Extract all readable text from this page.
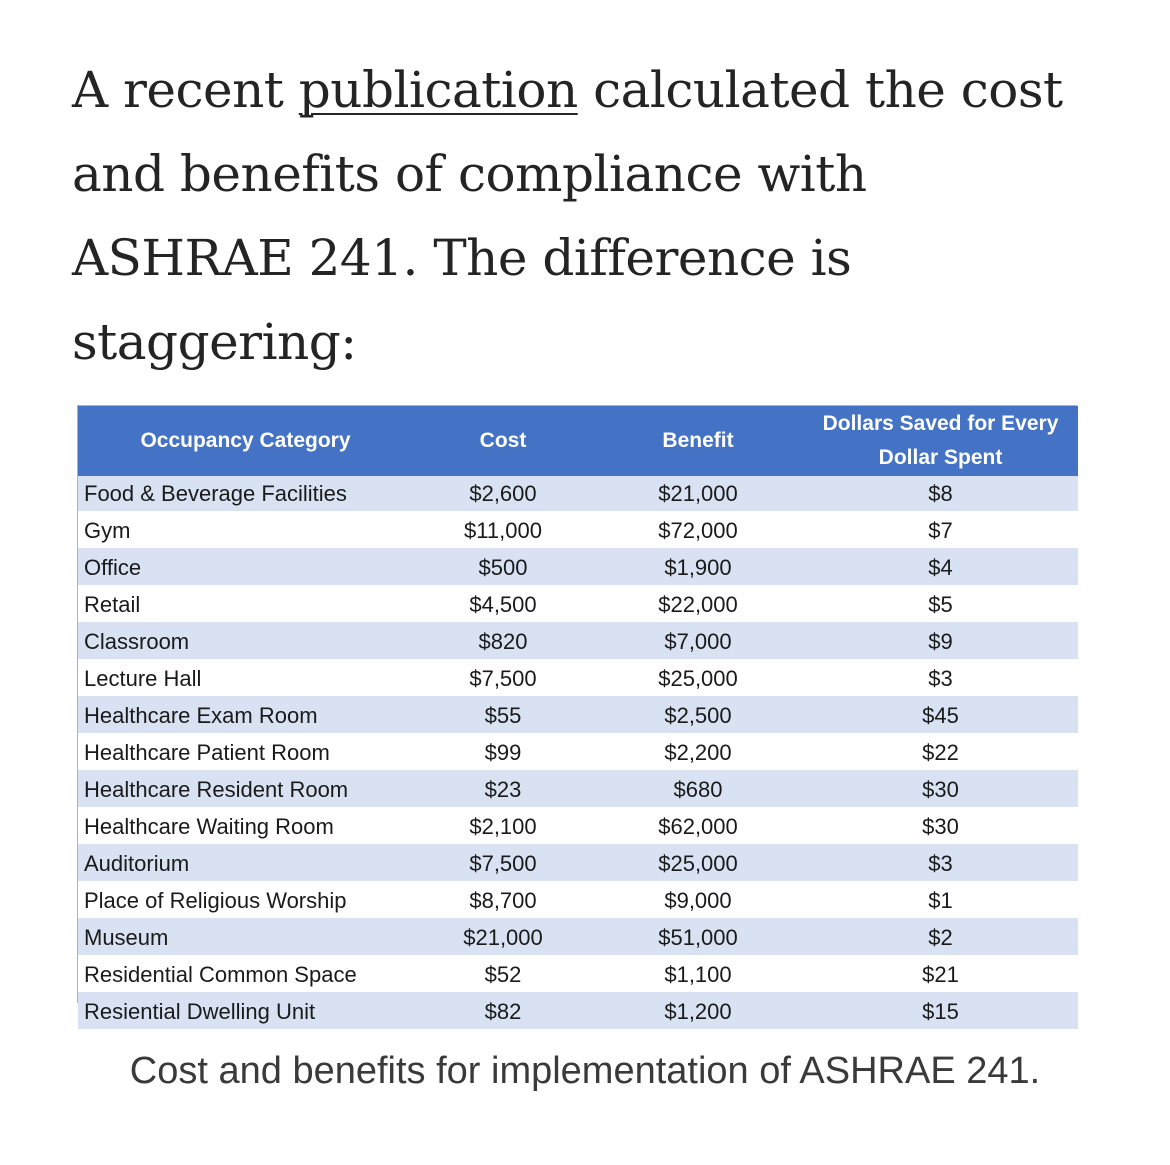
A recent publication calculated the cost and benefits of compliance with ASHRAE 241. The difference is staggering:

Occupancy Category	Cost	Benefit	Dollars Saved for Every
Dollar Spent
Food & Beverage Facilities	$2,600	$21,000	$8
Gym	$11,000	$72,000	$7
Office	$500	$1,900	$4
Retail	$4,500	$22,000	$5
Classroom	$820	$7,000	$9
Lecture Hall	$7,500	$25,000	$3
Healthcare Exam Room	$55	$2,500	$45
Healthcare Patient Room	$99	$2,200	$22
Healthcare Resident Room	$23	$680	$30
Healthcare Waiting Room	$2,100	$62,000	$30
Auditorium	$7,500	$25,000	$3
Place of Religious Worship	$8,700	$9,000	$1
Museum	$21,000	$51,000	$2
Residential Common Space	$52	$1,100	$21
Resiential Dwelling Unit	$82	$1,200	$15

Cost and benefits for implementation of ASHRAE 241.
